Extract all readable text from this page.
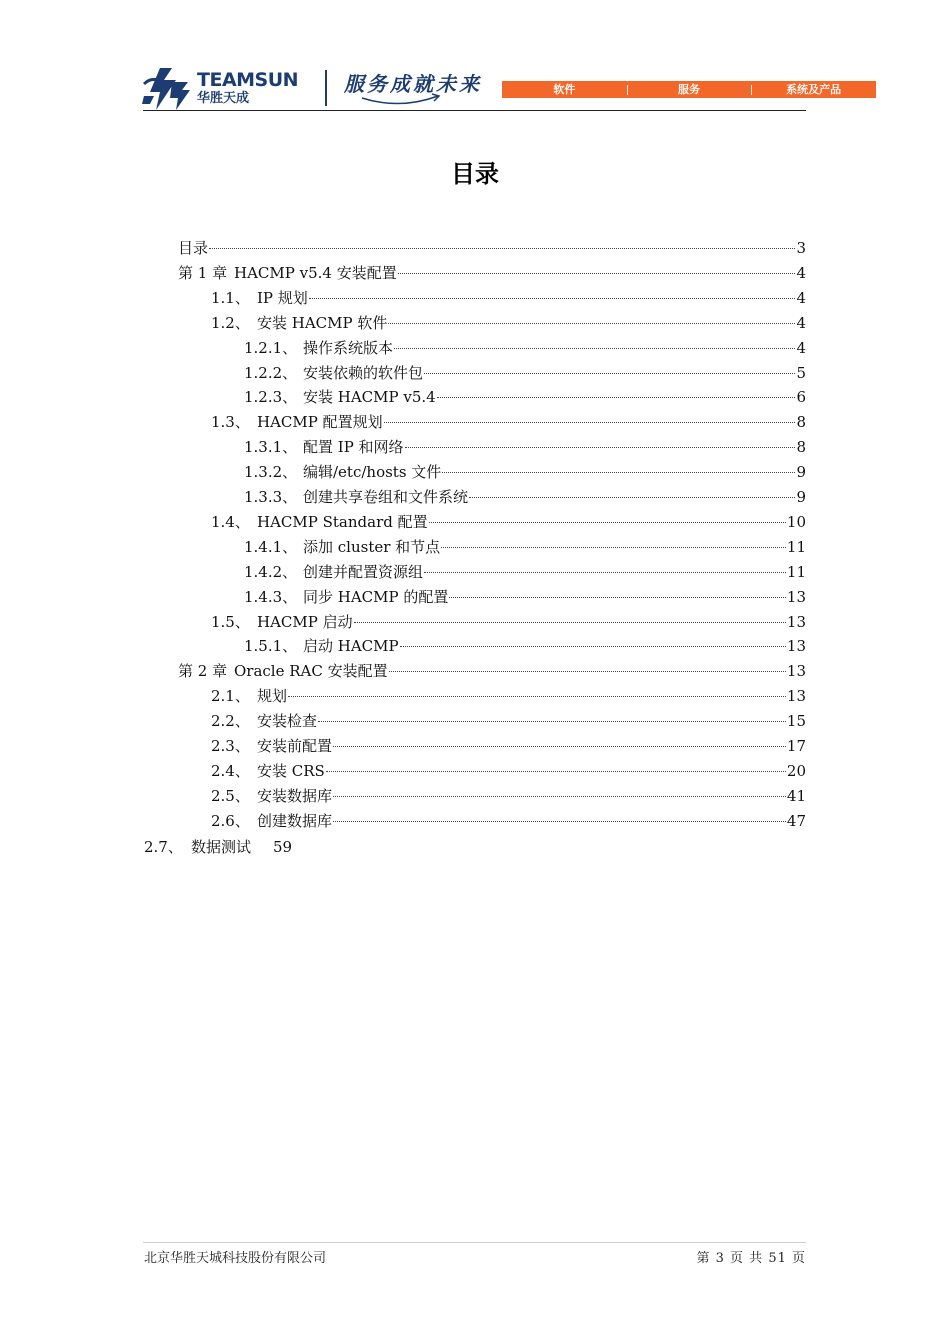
TEAMSUN
华胜天成
服务成就未来	软件	服务	系统及产品
目录
目录	3
第 1 章 HACMP v5.4 安装配置	4
1.1、 IP 规划	4
1.2、 安装 HACMP 软件	4
1.2.1、 操作系统版本	4
1.2.2、 安装依赖的软件包	5
1.2.3、 安装 HACMP v5.4	6
1.3、 HACMP 配置规划	8
1.3.1、 配置 IP 和网络	8
1.3.2、 编辑/etc/hosts 文件	9
1.3.3、 创建共享卷组和文件系统	9
1.4、 HACMP Standard 配置	10
1.4.1、 添加 cluster 和节点	11
1.4.2、 创建并配置资源组	11
1.4.3、 同步 HACMP 的配置	13
1.5、 HACMP 启动	13
1.5.1、 启动 HACMP	13
第 2 章 Oracle RAC 安装配置	13
2.1、 规划	13
2.2、 安装检查	15
2.3、 安装前配置	17
2.4、 安装 CRS	20
2.5、 安装数据库	41
2.6、 创建数据库	47
2.7、 数据测试 59
北京华胜天城科技股份有限公司	第 3 页 共 51 页
